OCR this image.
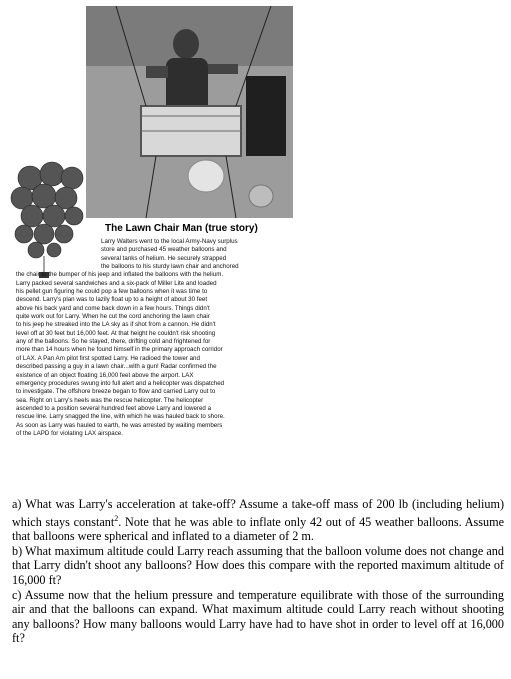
The Lawn Chair Man (true story)
Larry Walters went to the local Army-Navy surplus
store and purchased 45 weather balloons and
several tanks of helium. He securely strapped
the balloons to his sturdy lawn chair and anchored
the chair to the bumper of his jeep and inflated the balloons with the helium.
Larry packed several sandwiches and a six-pack of Miller Lite and loaded
his pellet gun figuring he could pop a few balloons when it was time to
descend. Larry's plan was to lazily float up to a height of about 30 feet
above his back yard and come back down in a few hours. Things didn't
quite work out for Larry. When he cut the cord anchoring the lawn chair
to his jeep he streaked into the LA sky as if shot from a cannon. He didn't
level off at 30 feet but 16,000 feet. At that height he couldn't risk shooting
any of the balloons. So he stayed, there, drifting cold and frightened for
more than 14 hours when he found himself in the primary approach corridor
of LAX. A Pan Am pilot first spotted Larry. He radioed the tower and
described passing a guy in a lawn chair...with a gun! Radar confirmed the
existence of an object floating 16,000 feet above the airport. LAX
emergency procedures swung into full alert and a helicopter was dispatched
to investigate. The offshore breeze began to flow and carried Larry out to
sea. Right on Larry's heels was the rescue helicopter. The helicopter
ascended to a position several hundred feet above Larry and lowered a
rescue line. Larry snagged the line, with which he was hauled back to shore.
As soon as Larry was hauled to earth, he was arrested by waiting members
of the LAPD for violating LAX airspace.

a) What was Larry's acceleration at take-off? Assume a take-off mass of 200 lb (including helium) which stays constant$^2$. Note that he was able to inflate only 42 out of 45 weather balloons. Assume that balloons were spherical and inflated to a diameter of 2 m.

b) What maximum altitude could Larry reach assuming that the balloon volume does not change and that Larry didn't shoot any balloons? How does this compare with the reported maximum altitude of 16,000 ft?

c) Assume now that the helium pressure and temperature equilibrate with those of the surrounding air and that the balloons can expand. What maximum altitude could Larry reach without shooting any balloons? How many balloons would Larry have had to have shot in order to level off at 16,000 ft?
